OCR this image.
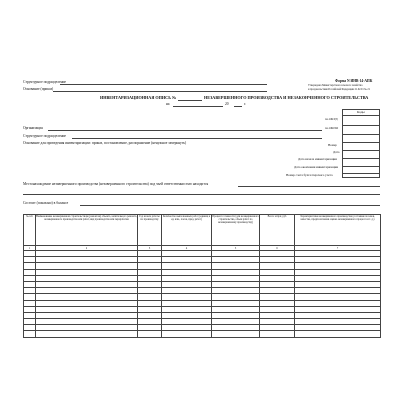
Структурное подразделение
Основание (приказ)
Форма N ИНВ-14-АПК
Утверждена Министерством сельского хозяйства
и продовольствия Российской Федерации 21.02.01 № 21
ИНВЕНТАРИЗАЦИОННАЯ ОПИСЬ №	НЕЗАВЕРШЕННОГО ПРОИЗВОДСТВА И НЕЗАКОНЧЕННОГО СТРОИТЕЛЬСТВА
на	20	г.
Коды
по ОКУД
по ОКПО
Номер
Дата
Дата начала инвентаризации
Дата окончания инвентаризации
Номер счета бухгалтерского учета
Организация
Структурное подразделение
Основание для проведения инвентаризации: приказ, постановление, распоряжение (ненужное зачеркнуть)
Местонахождение незавершенного производства (незавершенного строительства) под чьей ответственностью находится
Состоит (показано) в балансе
№ п/п	Наименование незавершенной строительством (ремонтом) объекта, капитального ремонта, незавершенного производства или работ, вид производства или переработки	Год начала работы по производству	Количество выполненных работ (единиц в ед. изм., часов, пред. работ)	Процент готовности (для незавершенного строительства, объем работ по незавершенному производству)	Всего затрат, руб	Характеристика незавершенного производства (состояние посевов, качество, предполагаемая оценка незавершенного процесса и т. д.)
1	2	3	4	5	6	7
